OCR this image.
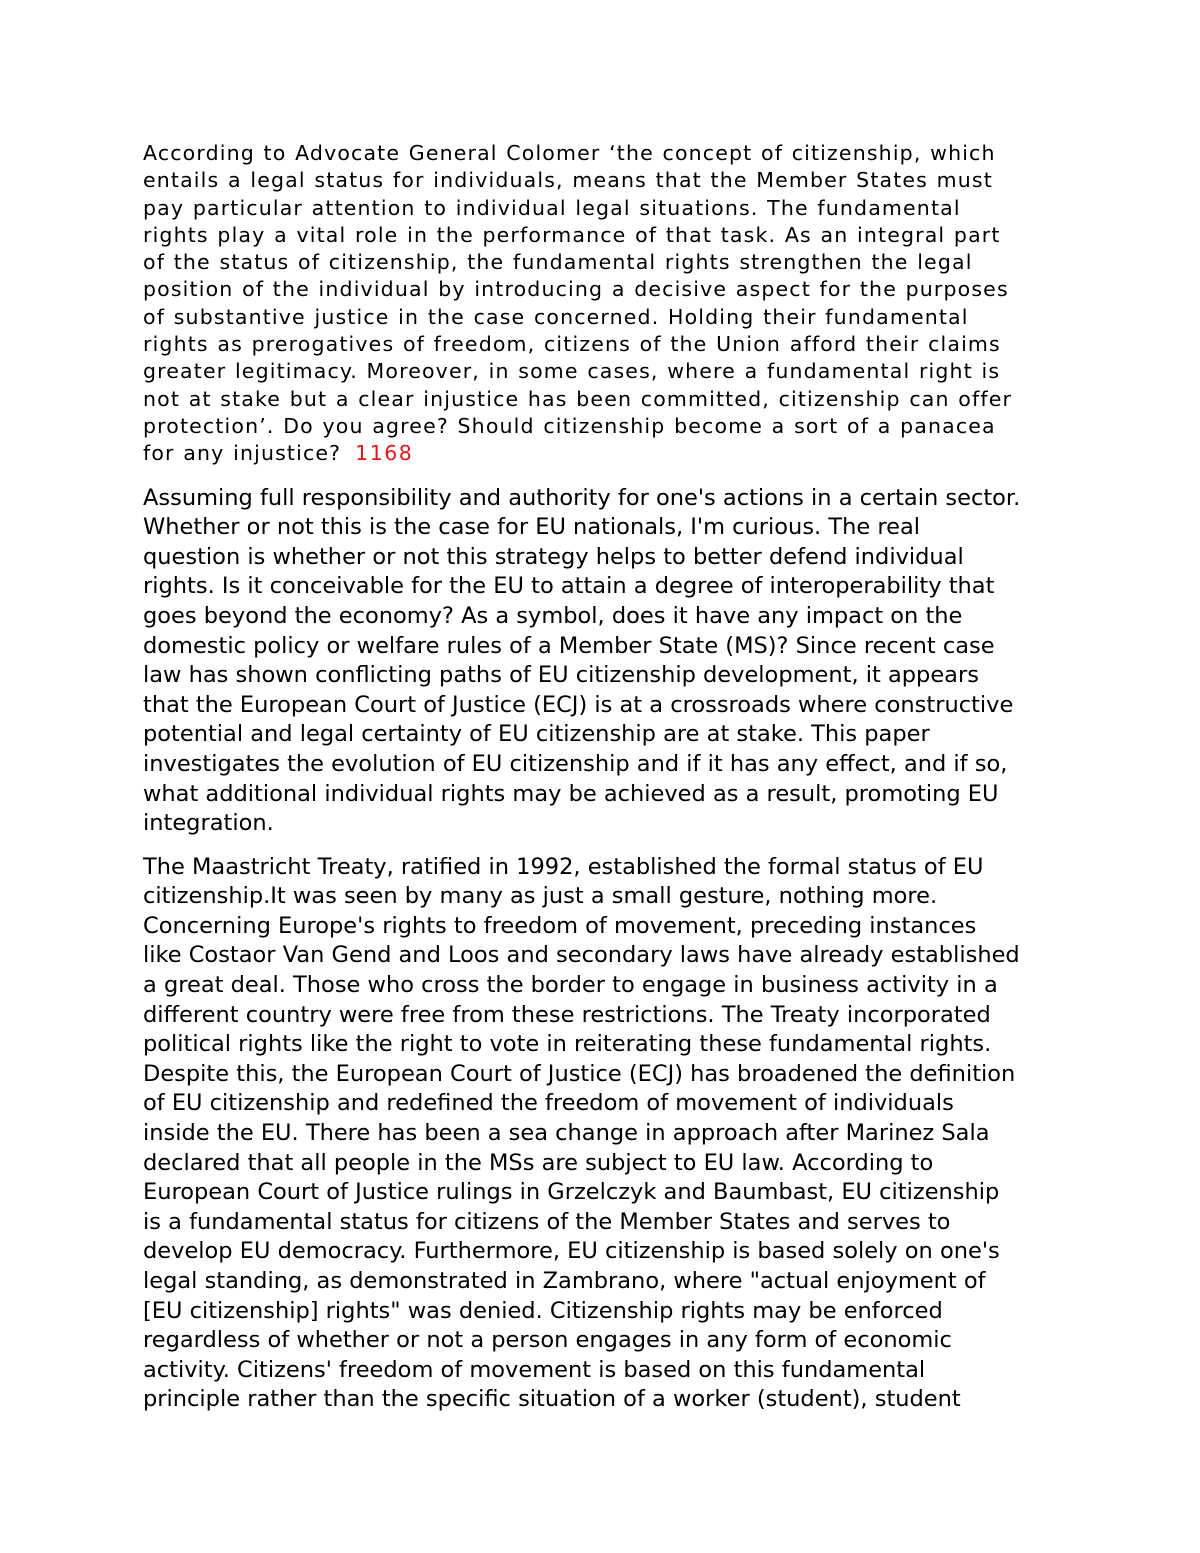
According to Advocate General Colomer ‘the concept of citizenship, which
entails a legal status for individuals, means that the Member States must
pay particular attention to individual legal situations. The fundamental
rights play a vital role in the performance of that task. As an integral part
of the status of citizenship, the fundamental rights strengthen the legal
position of the individual by introducing a decisive aspect for the purposes
of substantive justice in the case concerned. Holding their fundamental
rights as prerogatives of freedom, citizens of the Union afford their claims
greater legitimacy. Moreover, in some cases, where a fundamental right is
not at stake but a clear injustice has been committed, citizenship can offer
protection’. Do you agree? Should citizenship become a sort of a panacea
for any injustice? 1168

Assuming full responsibility and authority for one's actions in a certain sector.
Whether or not this is the case for EU nationals, I'm curious. The real
question is whether or not this strategy helps to better defend individual
rights. Is it conceivable for the EU to attain a degree of interoperability that
goes beyond the economy? As a symbol, does it have any impact on the
domestic policy or welfare rules of a Member State (MS)? Since recent case
law has shown conflicting paths of EU citizenship development, it appears
that the European Court of Justice (ECJ) is at a crossroads where constructive
potential and legal certainty of EU citizenship are at stake. This paper
investigates the evolution of EU citizenship and if it has any effect, and if so,
what additional individual rights may be achieved as a result, promoting EU
integration.

The Maastricht Treaty, ratified in 1992, established the formal status of EU
citizenship.It was seen by many as just a small gesture, nothing more.
Concerning Europe's rights to freedom of movement, preceding instances
like Costaor Van Gend and Loos and secondary laws have already established
a great deal. Those who cross the border to engage in business activity in a
different country were free from these restrictions. The Treaty incorporated
political rights like the right to vote in reiterating these fundamental rights.
Despite this, the European Court of Justice (ECJ) has broadened the definition
of EU citizenship and redefined the freedom of movement of individuals
inside the EU. There has been a sea change in approach after Marinez Sala
declared that all people in the MSs are subject to EU law. According to
European Court of Justice rulings in Grzelczyk and Baumbast, EU citizenship
is a fundamental status for citizens of the Member States and serves to
develop EU democracy. Furthermore, EU citizenship is based solely on one's
legal standing, as demonstrated in Zambrano, where "actual enjoyment of
[EU citizenship] rights" was denied. Citizenship rights may be enforced
regardless of whether or not a person engages in any form of economic
activity. Citizens' freedom of movement is based on this fundamental
principle rather than the specific situation of a worker (student), student
